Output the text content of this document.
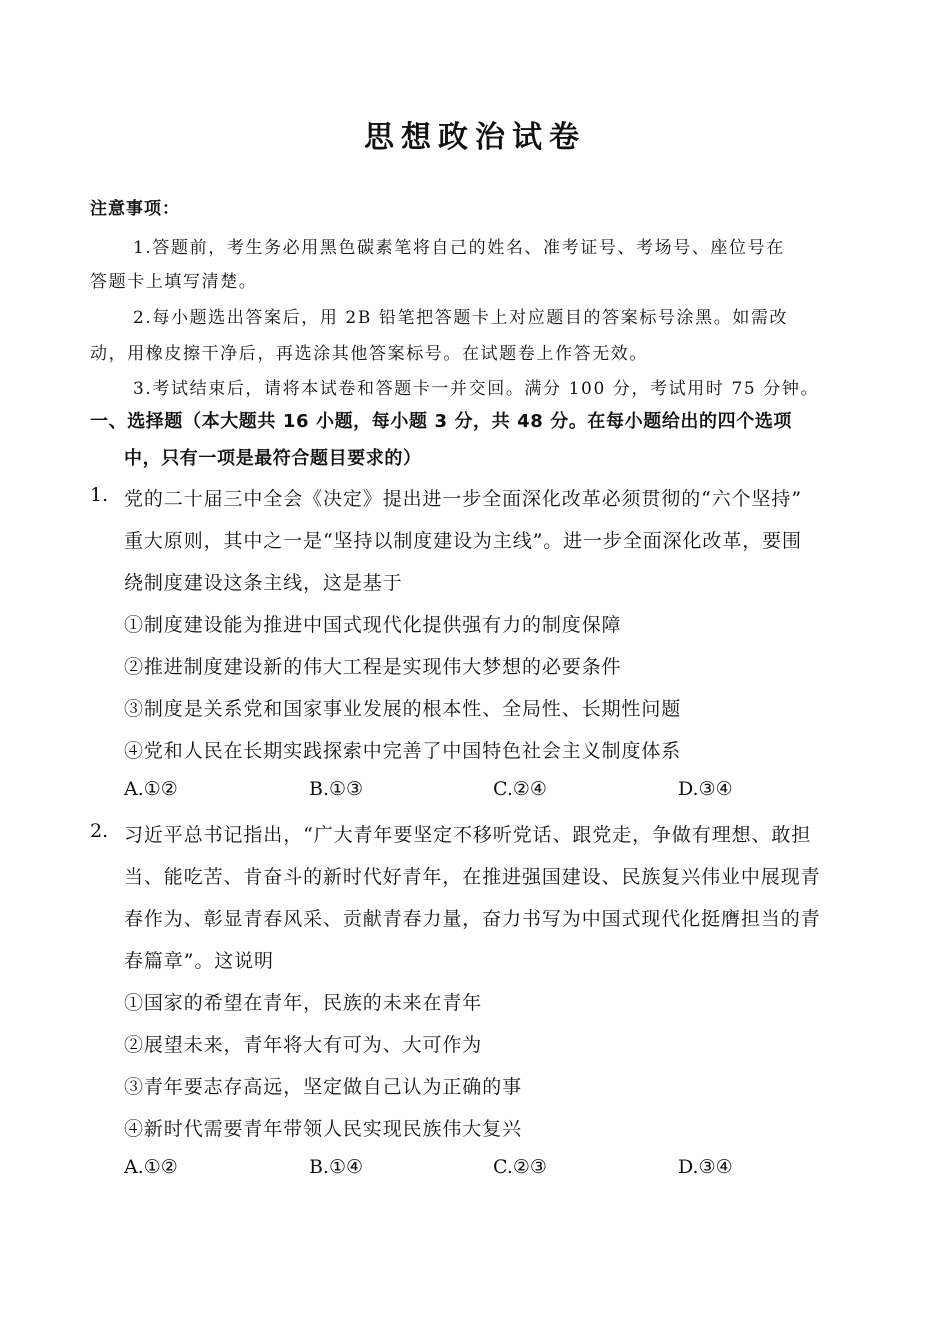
思想政治试卷
注意事项：
1.答题前，考生务必用黑色碳素笔将自己的姓名、准考证号、考场号、座位号在
答题卡上填写清楚。
2.每小题选出答案后，用 2B 铅笔把答题卡上对应题目的答案标号涂黑。如需改
动，用橡皮擦干净后，再选涂其他答案标号。在试题卷上作答无效。
3.考试结束后，请将本试卷和答题卡一并交回。满分 100 分，考试用时 75 分钟。
一、选择题（本大题共 16 小题，每小题 3 分，共 48 分。在每小题给出的四个选项
中，只有一项是最符合题目要求的）
1. 党的二十届三中全会《决定》提出进一步全面深化改革必须贯彻的“六个坚持”
重大原则，其中之一是“坚持以制度建设为主线”。进一步全面深化改革，要围
绕制度建设这条主线，这是基于
①制度建设能为推进中国式现代化提供强有力的制度保障
②推进制度建设新的伟大工程是实现伟大梦想的必要条件
③制度是关系党和国家事业发展的根本性、全局性、长期性问题
④党和人民在长期实践探索中完善了中国特色社会主义制度体系
A.①②	B.①③	C.②④	D.③④
2. 习近平总书记指出，“广大青年要坚定不移听党话、跟党走，争做有理想、敢担
当、能吃苦、肯奋斗的新时代好青年，在推进强国建设、民族复兴伟业中展现青
春作为、彰显青春风采、贡献青春力量，奋力书写为中国式现代化挺膺担当的青
春篇章”。这说明
①国家的希望在青年，民族的未来在青年
②展望未来，青年将大有可为、大可作为
③青年要志存高远，坚定做自己认为正确的事
④新时代需要青年带领人民实现民族伟大复兴
A.①②	B.①④	C.②③	D.③④
